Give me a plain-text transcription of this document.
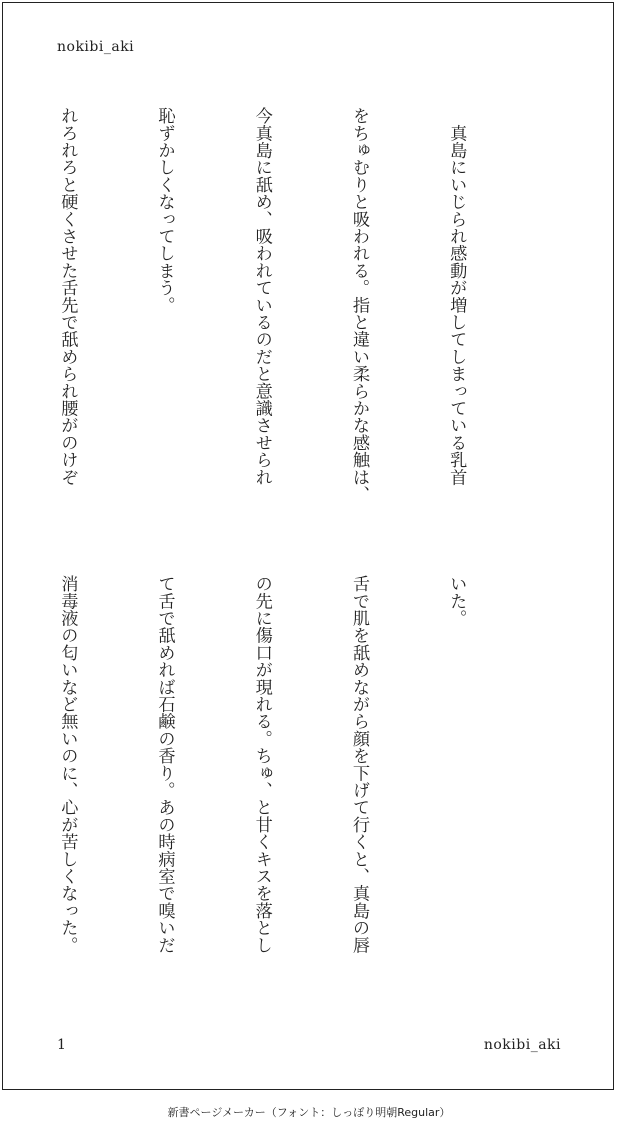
nokibi_aki

　真島にいじられ感動が増してしまっている乳首

をちゅむりと吸われる。指と違い柔らかな感触は、

今真島に舐め、吸われているのだと意識させられ

恥ずかしくなってしまう。

れろれろと硬くさせた舌先で舐められ腰がのけぞ

いた。

舌で肌を舐めながら顔を下げて行くと、真島の唇

の先に傷口が現れる。ちゅ、と甘くキスを落とし

て舌で舐めれば石鹸の香り。あの時病室で嗅いだ

消毒液の匂いなど無いのに、心が苦しくなった。

1	nokibi_aki
新書ページメーカー（フォント：しっぽり明朝Regular）
